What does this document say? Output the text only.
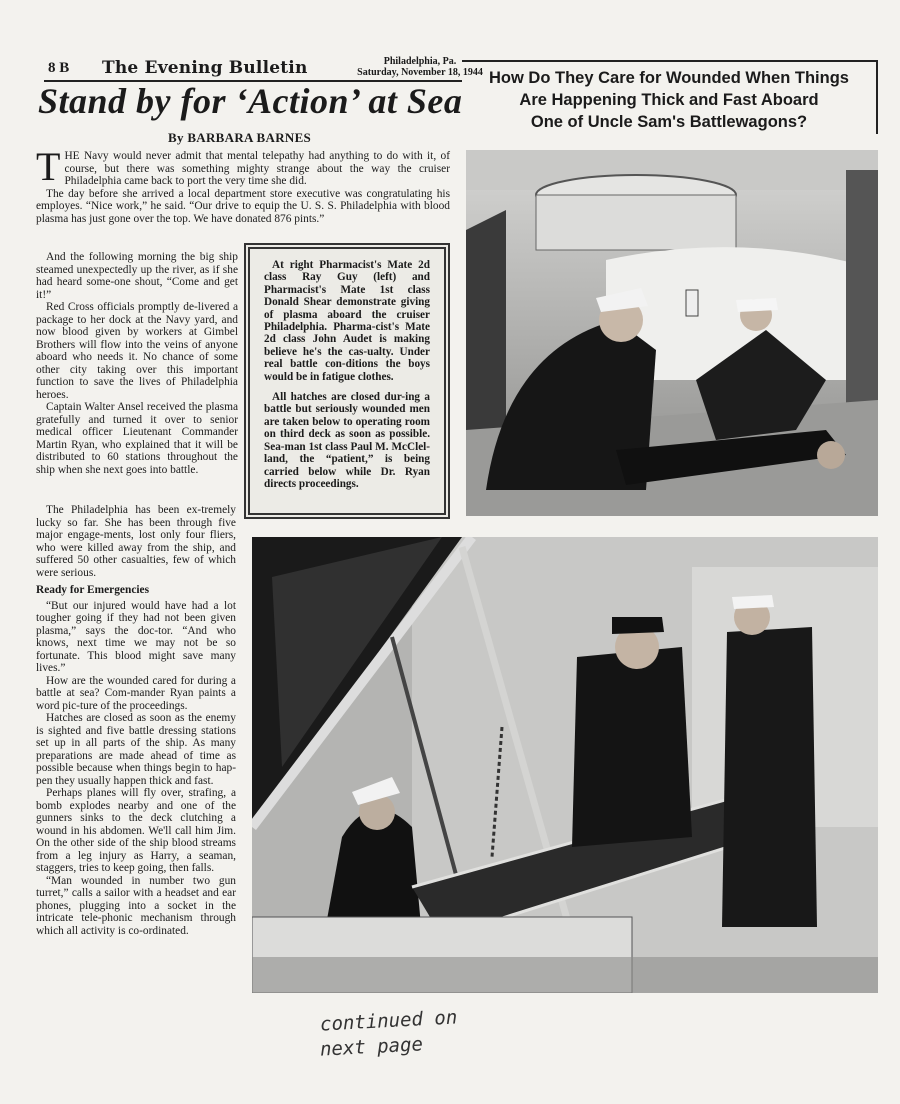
8 B The Evening Bulletin	Philadelphia, Pa.
Saturday, November 18, 1944
Stand by for ‘Action’ at Sea
By BARBARA BARNES

How Do They Care for Wounded When Things
Are Happening Thick and Fast Aboard
One of Uncle Sam's Battlewagons?

THE Navy would never admit that mental telepathy had anything to do with it, of course, but there was something mighty strange about the way the cruiser Philadelphia came back to port the very time she did.

The day before she arrived a local department store executive was congratulating his employes. “Nice work,” he said. “Our drive to equip the U. S. S. Philadelphia with blood plasma has just gone over the top. We have donated 876 pints.”

And the following morning the big ship steamed unexpectedly up the river, as if she had heard some-one shout, “Come and get it!”

Red Cross officials promptly de-livered a package to her dock at the Navy yard, and now blood given by workers at Gimbel Brothers will flow into the veins of anyone aboard who needs it. No chance of some other city taking over this important function to save the lives of Philadelphia heroes.

Captain Walter Ansel received the plasma gratefully and turned it over to senior medical officer Lieutenant Commander Martin Ryan, who explained that it will be distributed to 60 stations throughout the ship when she next goes into battle.

The Philadelphia has been ex-tremely lucky so far. She has been through five major engage-ments, lost only four fliers, who were killed away from the ship, and suffered 50 other casualties, few of which were serious.

Ready for Emergencies

“But our injured would have had a lot tougher going if they had not been given plasma,” says the doc-tor. “And who knows, next time we may not be so fortunate. This blood might save many lives.”

How are the wounded cared for during a battle at sea? Com-mander Ryan paints a word pic-ture of the proceedings.

Hatches are closed as soon as the enemy is sighted and five battle dressing stations set up in all parts of the ship. As many preparations are made ahead of time as possible because when things begin to hap-pen they usually happen thick and fast.

Perhaps planes will fly over, strafing, a bomb explodes nearby and one of the gunners sinks to the deck clutching a wound in his abdomen. We'll call him Jim. On the other side of the ship blood streams from a leg injury as Harry, a seaman, staggers, tries to keep going, then falls.

“Man wounded in number two gun turret,” calls a sailor with a headset and ear phones, plugging into a socket in the intricate tele-phonic mechanism through which all activity is co-ordinated.

At right Pharmacist's Mate 2d class Ray Guy (left) and Pharmacist's Mate 1st class Donald Shear demonstrate giving of plasma aboard the cruiser Philadelphia. Pharma-cist's Mate 2d class John Audet is making believe he's the cas-ualty. Under real battle con-ditions the boys would be in fatigue clothes.

All hatches are closed dur-ing a battle but seriously wounded men are taken below to operating room on third deck as soon as possible. Sea-man 1st class Paul M. McClel-land, the “patient,” is being carried below while Dr. Ryan directs proceedings.

continued on
next page
